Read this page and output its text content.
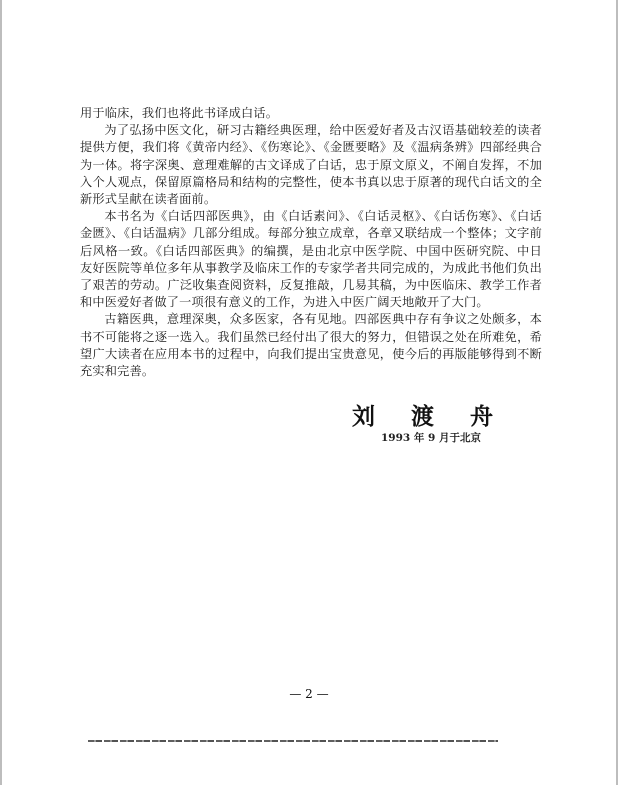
用于临床，我们也将此书译成白话。

为了弘扬中医文化，研习古籍经典医理，给中医爱好者及古汉语基础较差的读者提供方便，我们将《黄帝内经》、《伤寒论》、《金匮要略》及《温病条辨》四部经典合为一体。将字深奥、意理难解的古文译成了白话，忠于原文原义，不阐自发挥，不加入个人观点，保留原篇格局和结构的完整性，使本书真以忠于原著的现代白话文的全新形式呈献在读者面前。

本书名为《白话四部医典》，由《白话素问》、《白话灵枢》、《白话伤寒》、《白话金匮》、《白话温病》几部分组成。每部分独立成章，各章又联结成一个整体；文字前后风格一致。《白话四部医典》的编撰，是由北京中医学院、中国中医研究院、中日友好医院等单位多年从事教学及临床工作的专家学者共同完成的，为成此书他们负出了艰苦的劳动。广泛收集查阅资料，反复推敲，几易其稿，为中医临床、教学工作者和中医爱好者做了一项很有意义的工作，为进入中医广阔天地敞开了大门。

古籍医典，意理深奥，众多医家，各有见地。四部医典中存有争议之处颇多，本书不可能将之逐一选入。我们虽然已经付出了很大的努力，但错误之处在所难免，希望广大读者在应用本书的过程中，向我们提出宝贵意见，使今后的再版能够得到不断充实和完善。

刘 渡 舟
1993 年 9 月于北京
— 2 —
